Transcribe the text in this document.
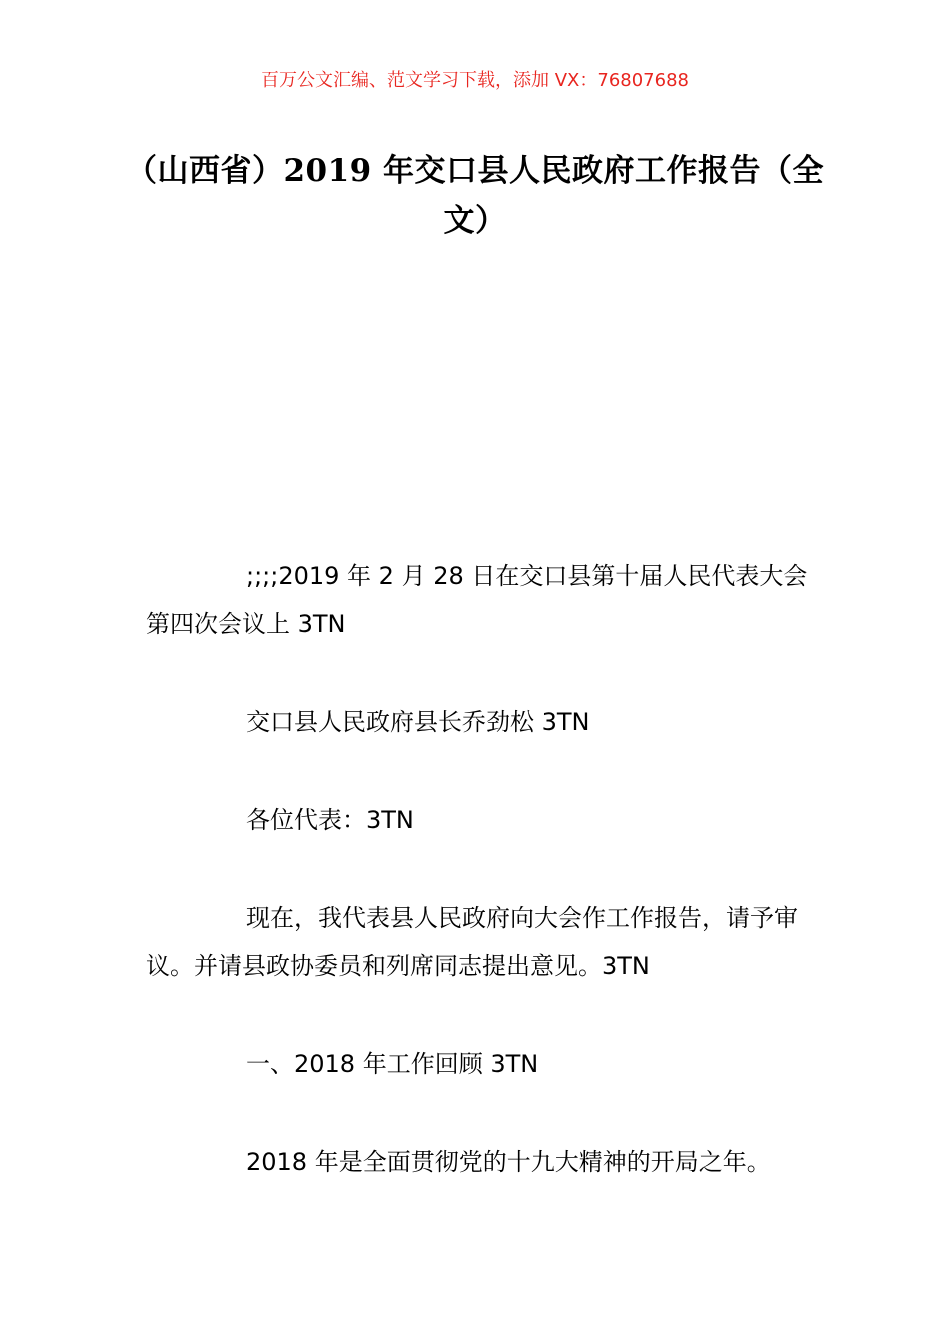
百万公文汇编、范文学习下载，添加 VX：76807688
（山西省）2019 年交口县人民政府工作报告（全文）

;;;;2019 年 2 月 28 日在交口县第十届人民代表大会第四次会议上 3TN

交口县人民政府县长乔劲松 3TN

各位代表：3TN

现在，我代表县人民政府向大会作工作报告，请予审议。并请县政协委员和列席同志提出意见。3TN

一、2018 年工作回顾 3TN

2018 年是全面贯彻党的十九大精神的开局之年。
